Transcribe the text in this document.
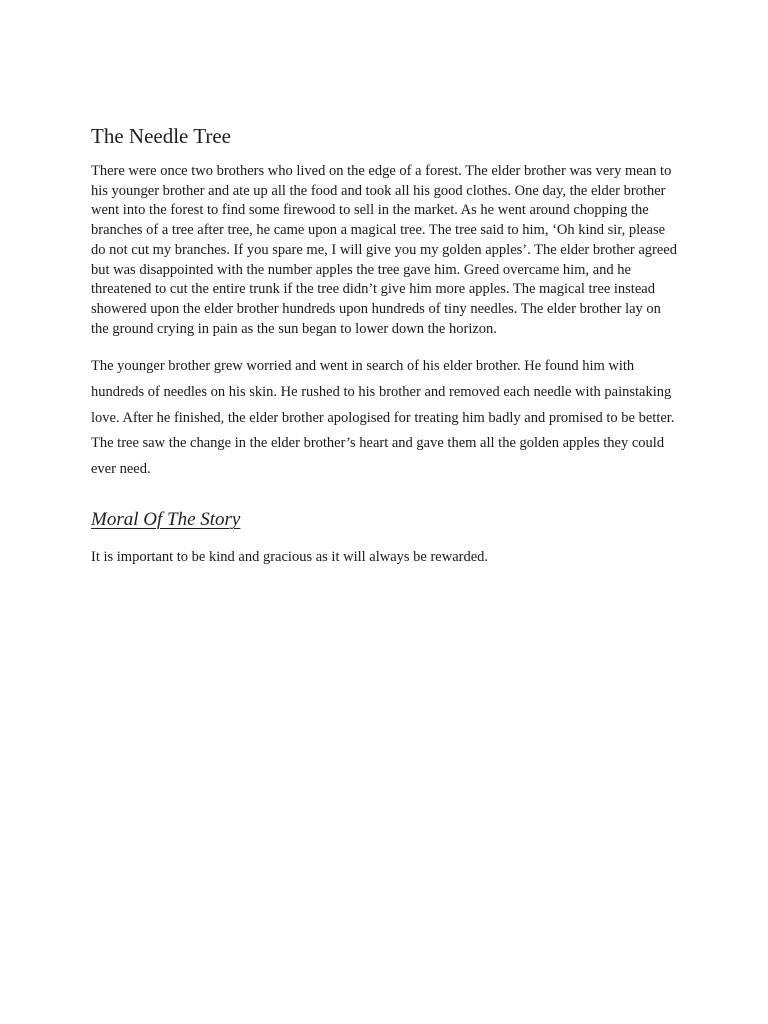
The Needle Tree

There were once two brothers who lived on the edge of a forest. The elder brother was very mean to his younger brother and ate up all the food and took all his good clothes. One day, the elder brother went into the forest to find some firewood to sell in the market. As he went around chopping the branches of a tree after tree, he came upon a magical tree. The tree said to him, ‘Oh kind sir, please do not cut my branches. If you spare me, I will give you my golden apples’. The elder brother agreed but was disappointed with the number apples the tree gave him. Greed overcame him, and he threatened to cut the entire trunk if the tree didn’t give him more apples. The magical tree instead showered upon the elder brother hundreds upon hundreds of tiny needles. The elder brother lay on the ground crying in pain as the sun began to lower down the horizon.

The younger brother grew worried and went in search of his elder brother. He found him with hundreds of needles on his skin. He rushed to his brother and removed each needle with painstaking love. After he finished, the elder brother apologised for treating him badly and promised to be better. The tree saw the change in the elder brother’s heart and gave them all the golden apples they could ever need.

Moral Of The Story

It is important to be kind and gracious as it will always be rewarded.
